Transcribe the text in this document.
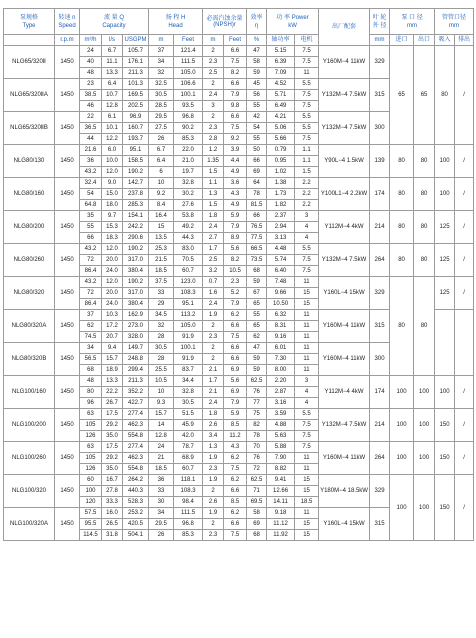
泵规格
Type	转速 n
Speed	流 量 Q
Capacity			扬 程 H
Head		必需汽蚀余量 (NPSH)r		效率
η	功 率 Power
kW		出厂配套	叶 轮
外 径	泵 口 径
mm		管管口径
mm	

	r.p.m	m³/h	l/s	USGPM	m	Feet	m	Feet	%	轴功率	电机		mm	进口	出口	吸入	排出
NLG65/320Ⅱ	1450	24	6.7	105.7	37	121.4	2	6.6	47	5.15	7.5	Y160M−4 11kW	329	65	65	80	/
		40	11.1	176.1	34	111.5	2.3	7.5	58	6.39	7.5						
		48	13.3	211.3	32	105.0	2.5	8.2	59	7.09	11						
NLG65/320ⅡA	1450	23	6.4	101.3	32.5	106.6	2	6.6	45	4.52	5.5	Y132M−4 7.5kW	315				
		38.5	10.7	169.5	30.5	100.1	2.4	7.9	56	5.71	7.5						
		46	12.8	202.5	28.5	93.5	3	9.8	55	6.49	7.5						
NLG65/320ⅡB	1450	22	6.1	96.9	29.5	96.8	2	6.6	42	4.21	5.5	Y132M−4 7.5kW	300				
		36.5	10.1	160.7	27.5	90.2	2.3	7.5	54	5.06	5.5						
		44	12.2	193.7	26	85.3	2.8	9.2	55	5.66	7.5						
NLG80/130	1450	21.6	6.0	95.1	6.7	22.0	1.2	3.9	50	0.79	1.1	Y90L−4 1.5kW	139	80	80	100	/
		36	10.0	158.5	6.4	21.0	1.35	4.4	66	0.95	1.1						
		43.2	12.0	190.2	6	19.7	1.5	4.9	69	1.02	1.5						
NLG80/160	1450	32.4	9.0	142.7	10	32.8	1.1	3.6	64	1.38	2.2	Y100L1−4 2.2kW	174	80	80	100	/
		54	15.0	237.8	9.2	30.2	1.3	4.3	78	1.73	2.2						
		64.8	18.0	285.3	8.4	27.6	1.5	4.9	81.5	1.82	2.2						
NLG80/200	1450	35	9.7	154.1	16.4	53.8	1.8	5.9	66	2.37	3	Y112M−4 4kW	214	80	80	125	/
		55	15.3	242.2	15	49.2	2.4	7.9	76.5	2.94	4						
		66	18.3	290.6	13.5	44.3	2.7	8.9	77.5	3.13	4						
NLG80/260	1450	43.2	12.0	190.2	25.3	83.0	1.7	5.6	66.5	4.48	5.5	Y132M−4 7.5kW	264	80	80	125	/
		72	20.0	317.0	21.5	70.5	2.5	8.2	73.5	5.74	7.5						
		86.4	24.0	380.4	18.5	60.7	3.2	10.5	68	6.40	7.5						
NLG80/320	1450	43.2	12.0	190.2	37.5	123.0	0.7	2.3	59	7.48	11	Y160L−4 15kW	329	80	80	125	/
		72	20.0	317.0	33	108.3	1.6	5.2	67	9.66	15						
		86.4	24.0	380.4	29	95.1	2.4	7.9	65	10.50	15						
NLG80/320A	1450	37	10.3	162.9	34.5	113.2	1.9	6.2	55	6.32	11	Y160M−4 11kW	315				
		62	17.2	273.0	32	105.0	2	6.6	65	8.31	11						
		74.5	20.7	328.0	28	91.9	2.3	7.5	62	9.16	11						
NLG80/320B	1450	34	9.4	149.7	30.5	100.1	2	6.6	47	6.01	11	Y160M−4 11kW	300				
		56.5	15.7	248.8	28	91.9	2	6.6	59	7.30	11						
		68	18.9	299.4	25.5	83.7	2.1	6.9	59	8.00	11						
NLG100/160	1450	48	13.3	211.3	10.5	34.4	1.7	5.6	62.5	2.20	3	Y112M−4 4kW	174	100	100	100	/
		80	22.2	352.2	10	32.8	2.1	6.9	76	2.87	4						
		96	26.7	422.7	9.3	30.5	2.4	7.9	77	3.16	4						
NLG100/200	1450	63	17.5	277.4	15.7	51.5	1.8	5.9	75	3.59	5.5	Y132M−4 7.5kW	214	100	100	150	/
		105	29.2	462.3	14	45.9	2.6	8.5	82	4.88	7.5						
		126	35.0	554.8	12.8	42.0	3.4	11.2	78	5.63	7.5						
NLG100/260	1450	63	17.5	277.4	24	78.7	1.3	4.3	70	5.88	7.5	Y160M−4 11kW	264	100	100	150	/
		105	29.2	462.3	21	68.9	1.9	6.2	76	7.90	11						
		126	35.0	554.8	18.5	60.7	2.3	7.5	72	8.82	11						
NLG100/320	1450	60	16.7	264.2	36	118.1	1.9	6.2	62.5	9.41	15	Y180M−4 18.5kW	329	100	100	150	/
		100	27.8	440.3	33	108.3	2	6.6	71	12.66	15						
		120	33.3	528.3	30	98.4	2.6	8.5	69.5	14.11	18.5						
NLG100/320A	1450	57.5	16.0	253.2	34	111.5	1.9	6.2	58	9.18	11	Y160L−4 15kW	315				
		95.5	26.5	420.5	29.5	96.8	2	6.6	69	11.12	15						
		114.5	31.8	504.1	26	85.3	2.3	7.5	68	11.92	15						
